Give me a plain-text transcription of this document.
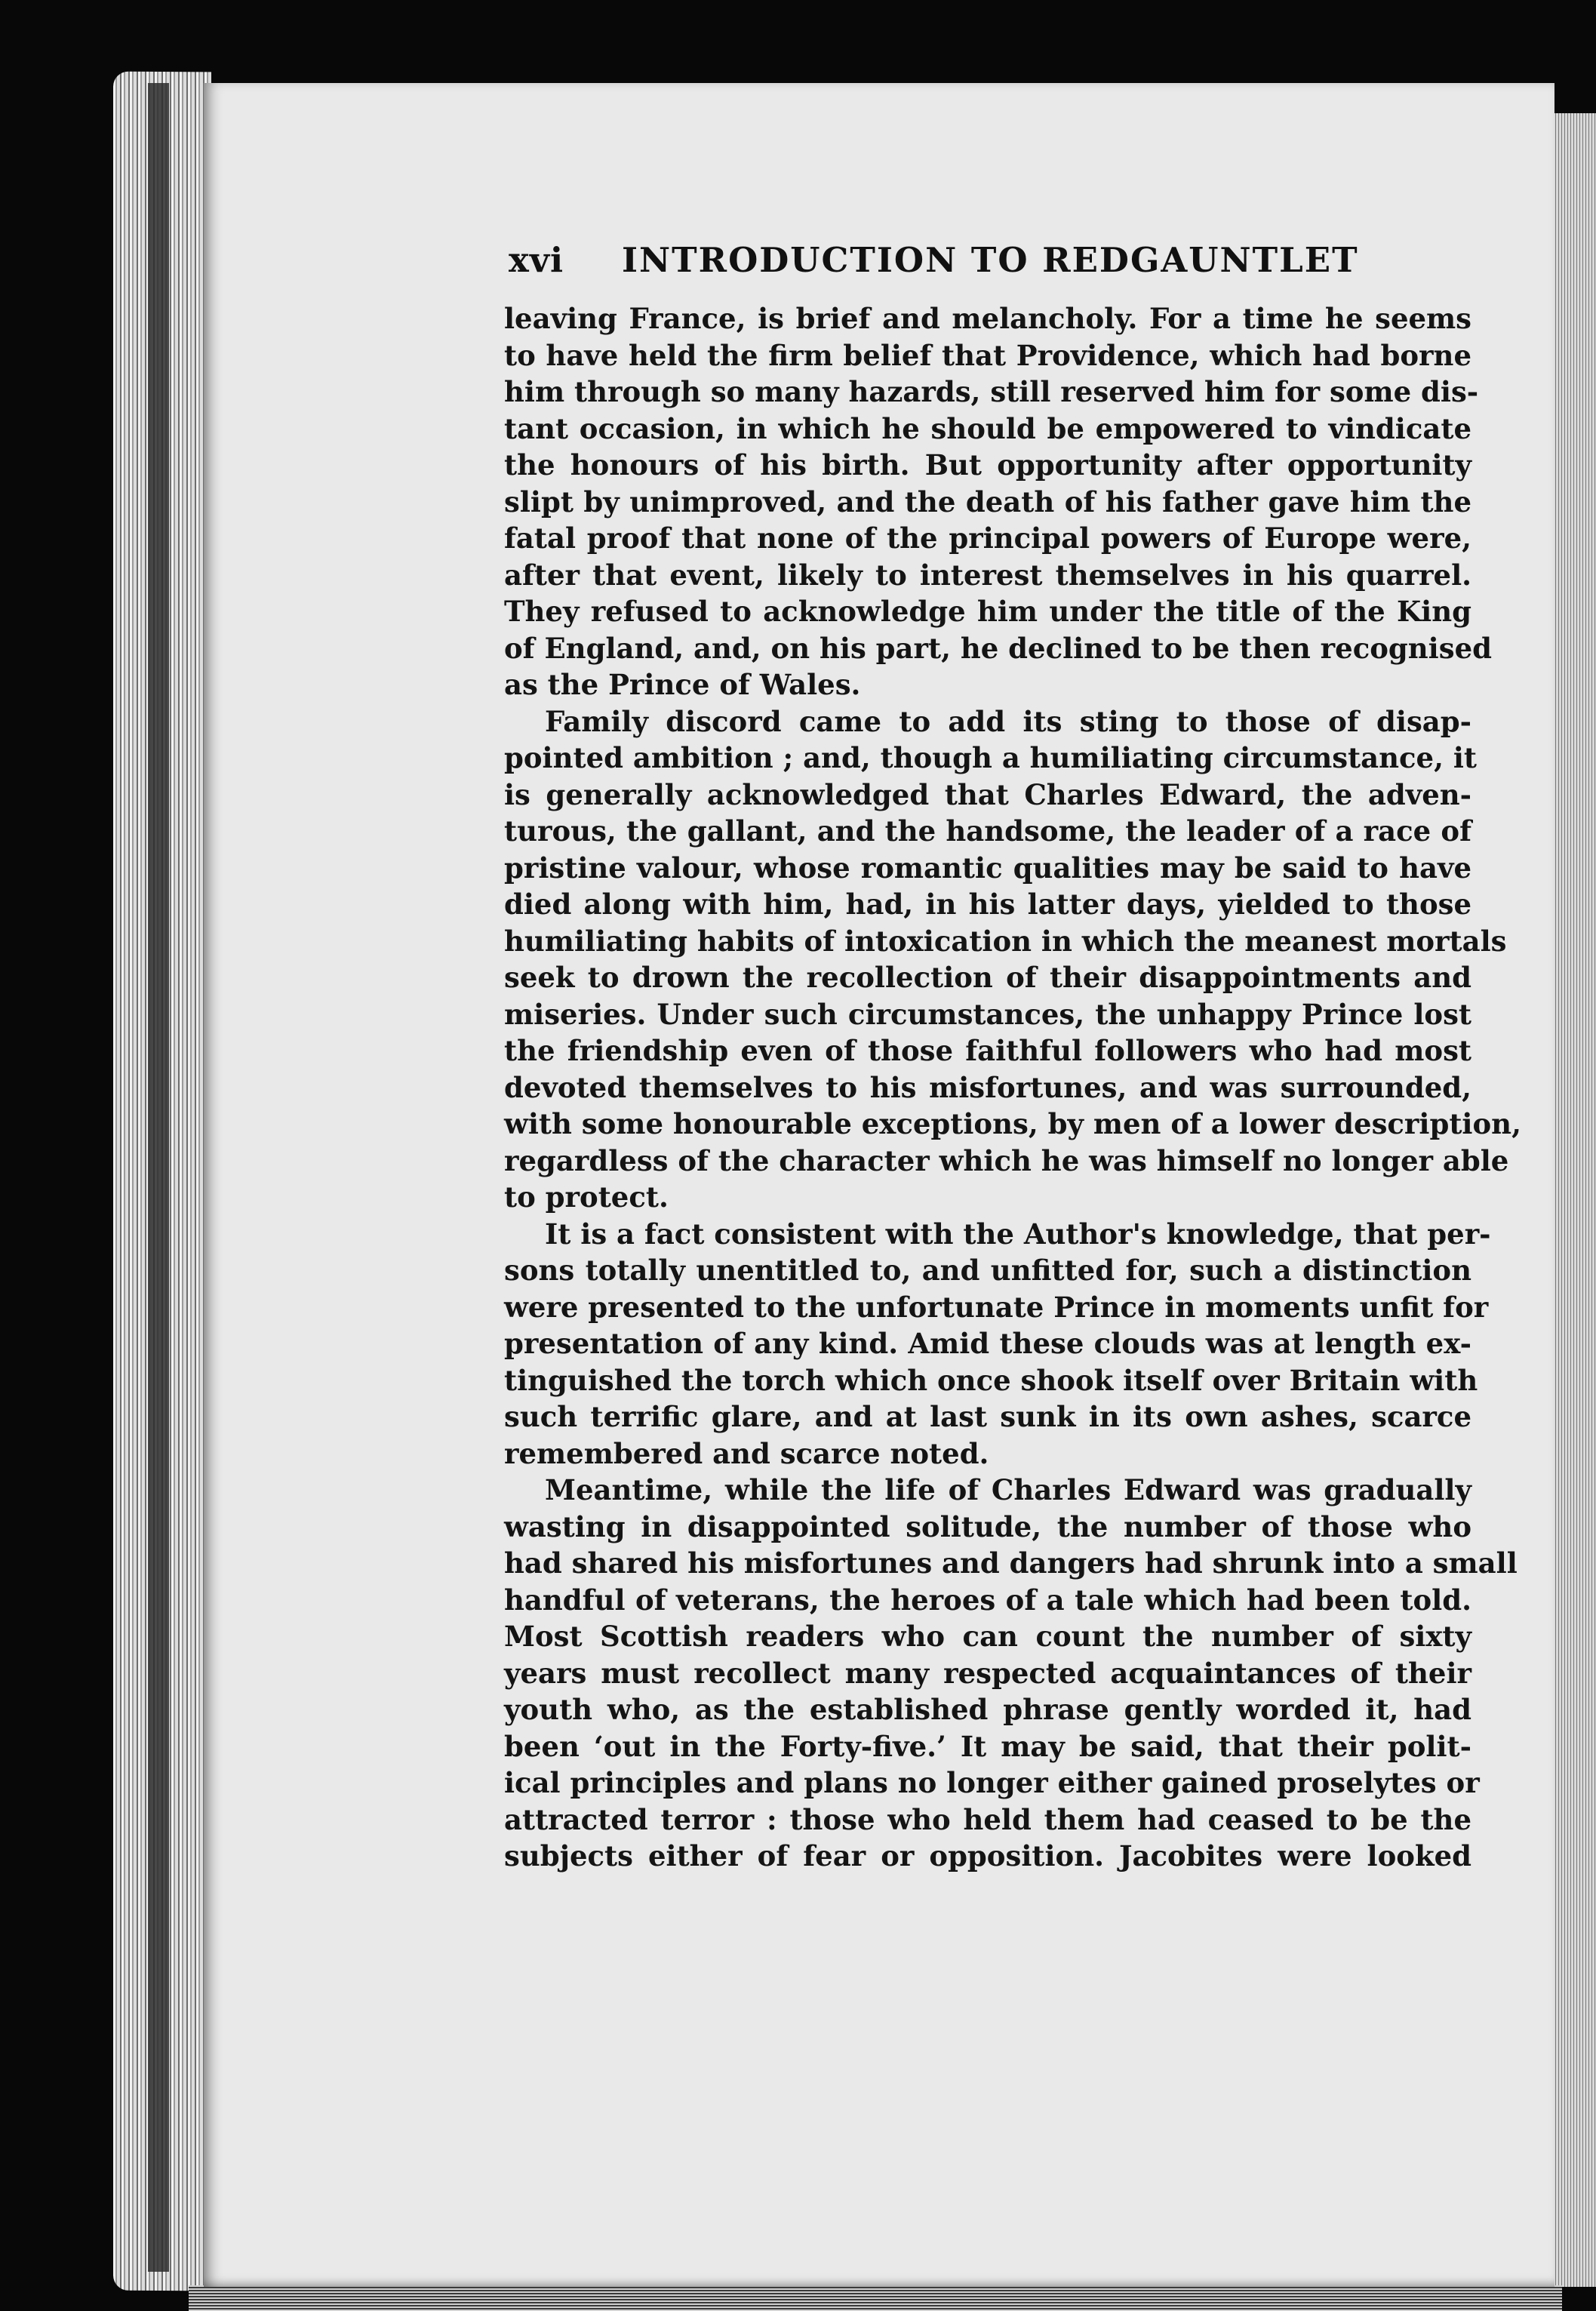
xvi INTRODUCTION TO REDGAUNTLET
leaving France, is brief and melancholy. For a time he seems
to have held the firm belief that Providence, which had borne
him through so many hazards, still reserved him for some dis-
tant occasion, in which he should be empowered to vindicate
the honours of his birth. But opportunity after opportunity
slipt by unimproved, and the death of his father gave him the
fatal proof that none of the principal powers of Europe were,
after that event, likely to interest themselves in his quarrel.
They refused to acknowledge him under the title of the King
of England, and, on his part, he declined to be then recognised
as the Prince of Wales.
Family discord came to add its sting to those of disap-
pointed ambition ; and, though a humiliating circumstance, it
is generally acknowledged that Charles Edward, the adven-
turous, the gallant, and the handsome, the leader of a race of
pristine valour, whose romantic qualities may be said to have
died along with him, had, in his latter days, yielded to those
humiliating habits of intoxication in which the meanest mortals
seek to drown the recollection of their disappointments and
miseries. Under such circumstances, the unhappy Prince lost
the friendship even of those faithful followers who had most
devoted themselves to his misfortunes, and was surrounded,
with some honourable exceptions, by men of a lower description,
regardless of the character which he was himself no longer able
to protect.
It is a fact consistent with the Author's knowledge, that per-
sons totally unentitled to, and unfitted for, such a distinction
were presented to the unfortunate Prince in moments unfit for
presentation of any kind. Amid these clouds was at length ex-
tinguished the torch which once shook itself over Britain with
such terrific glare, and at last sunk in its own ashes, scarce
remembered and scarce noted.
Meantime, while the life of Charles Edward was gradually
wasting in disappointed solitude, the number of those who
had shared his misfortunes and dangers had shrunk into a small
handful of veterans, the heroes of a tale which had been told.
Most Scottish readers who can count the number of sixty
years must recollect many respected acquaintances of their
youth who, as the established phrase gently worded it, had
been ‘out in the Forty-five.’ It may be said, that their polit-
ical principles and plans no longer either gained proselytes or
attracted terror : those who held them had ceased to be the
subjects either of fear or opposition. Jacobites were looked
